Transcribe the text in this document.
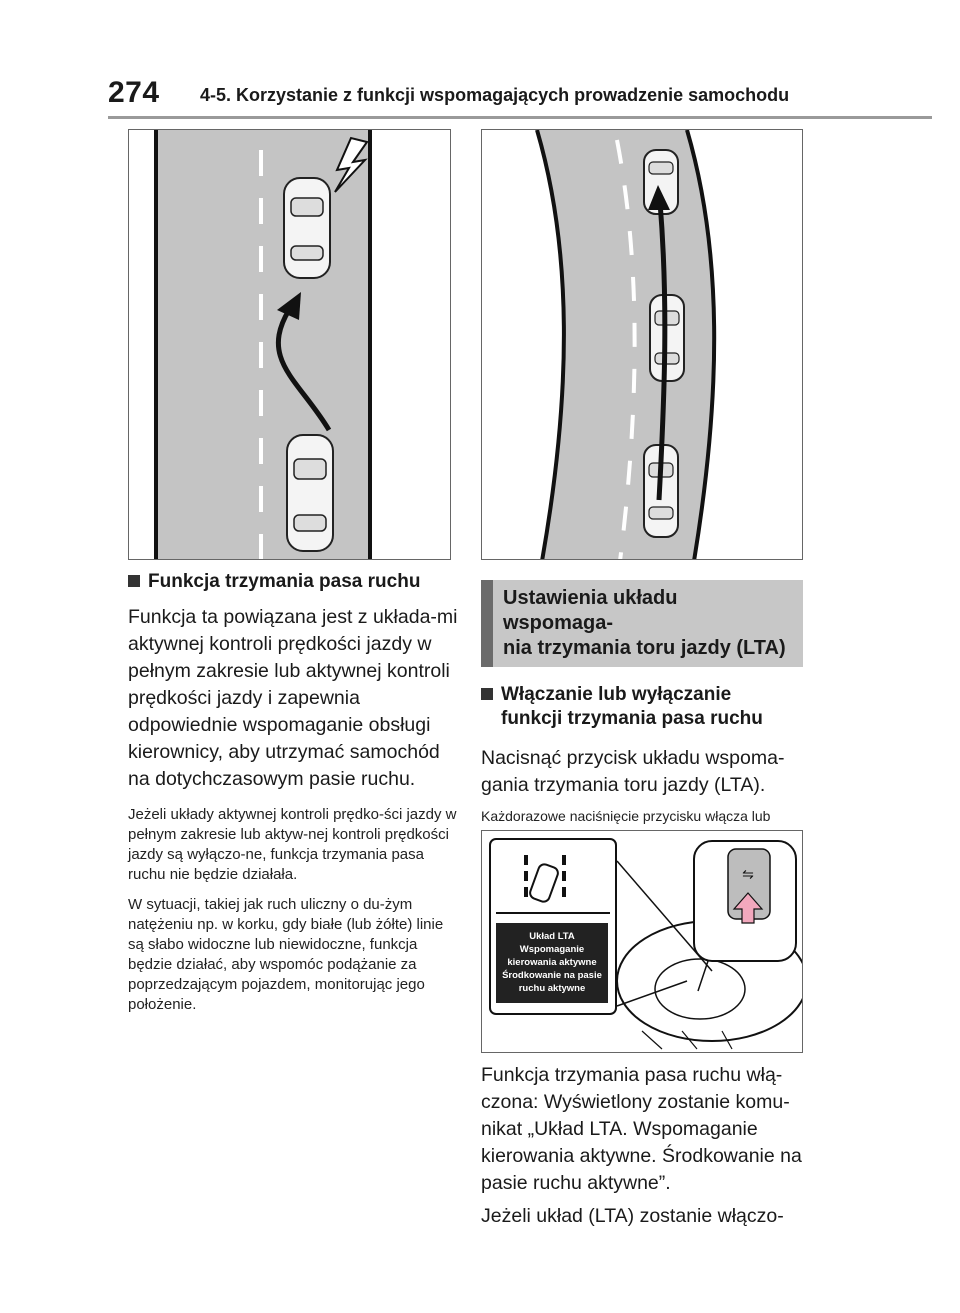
274 4-5. Korzystanie z funkcji wspomagających prowadzenie samochodu
Funkcja trzymania pasa ruchu

Funkcja ta powiązana jest z układa-mi aktywnej kontroli prędkości jazdy w pełnym zakresie lub aktywnej kontroli prędkości jazdy i zapewnia odpowiednie wspomaganie obsługi kierownicy, aby utrzymać samochód na dotychczasowym pasie ruchu.

Jeżeli układy aktywnej kontroli prędko-ści jazdy w pełnym zakresie lub aktyw-nej kontroli prędkości jazdy są wyłączo-ne, funkcja trzymania pasa ruchu nie będzie działała.

W sytuacji, takiej jak ruch uliczny o du-żym natężeniu np. w korku, gdy białe (lub żółte) linie są słabo widoczne lub niewidoczne, funkcja będzie działać, aby wspomóc podążanie za poprzedzającym pojazdem, monitorując jego położenie.

Ustawienia układu wspomaga-
nia trzymania toru jazdy (LTA)
Włączanie lub wyłączanie
funkcji trzymania pasa ruchu

Nacisnąć przycisk układu wspoma-gania trzymania toru jazdy (LTA).

Każdorazowe naciśnięcie przycisku włącza lub

Układ LTA
Wspomaganie
kierowania aktywne
Środkowanie na pasie
ruchu aktywne
⇋

Funkcja trzymania pasa ruchu włą-czona: Wyświetlony zostanie komu-nikat „Układ LTA. Wspomaganie kierowania aktywne. Środkowanie na pasie ruchu aktywne”.

Jeżeli układ (LTA) zostanie włączo-
